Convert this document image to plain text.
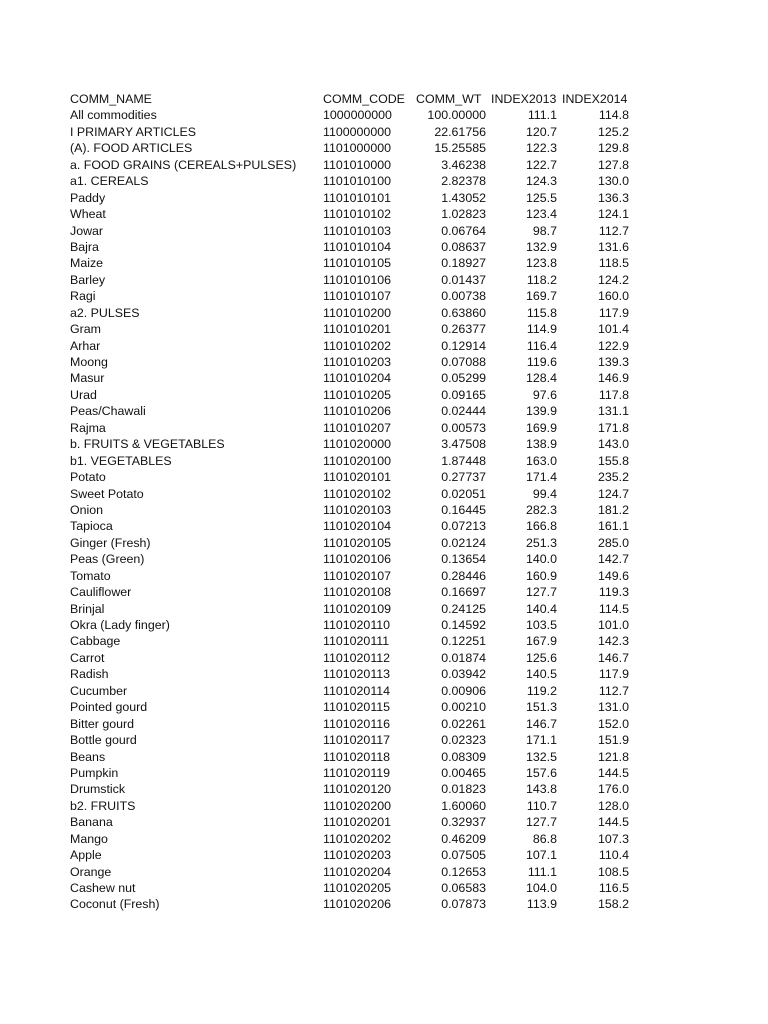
COMM_NAME	COMM_CODE COMM_WT INDEX2013 INDEX2014
All commodities	1000000000	100.00000	111.1	114.8
I PRIMARY ARTICLES	1100000000	22.61756	120.7	125.2
(A). FOOD ARTICLES	1101000000	15.25585	122.3	129.8
a. FOOD GRAINS (CEREALS+PULSES)	1101010000	3.46238	122.7	127.8
a1. CEREALS	1101010100	2.82378	124.3	130.0
Paddy	1101010101	1.43052	125.5	136.3
Wheat	1101010102	1.02823	123.4	124.1
Jowar	1101010103	0.06764	98.7	112.7
Bajra	1101010104	0.08637	132.9	131.6
Maize	1101010105	0.18927	123.8	118.5
Barley	1101010106	0.01437	118.2	124.2
Ragi	1101010107	0.00738	169.7	160.0
a2. PULSES	1101010200	0.63860	115.8	117.9
Gram	1101010201	0.26377	114.9	101.4
Arhar	1101010202	0.12914	116.4	122.9
Moong	1101010203	0.07088	119.6	139.3
Masur	1101010204	0.05299	128.4	146.9
Urad	1101010205	0.09165	97.6	117.8
Peas/Chawali	1101010206	0.02444	139.9	131.1
Rajma	1101010207	0.00573	169.9	171.8
b. FRUITS & VEGETABLES	1101020000	3.47508	138.9	143.0
b1. VEGETABLES	1101020100	1.87448	163.0	155.8
Potato	1101020101	0.27737	171.4	235.2
Sweet Potato	1101020102	0.02051	99.4	124.7
Onion	1101020103	0.16445	282.3	181.2
Tapioca	1101020104	0.07213	166.8	161.1
Ginger (Fresh)	1101020105	0.02124	251.3	285.0
Peas (Green)	1101020106	0.13654	140.0	142.7
Tomato	1101020107	0.28446	160.9	149.6
Cauliflower	1101020108	0.16697	127.7	119.3
Brinjal	1101020109	0.24125	140.4	114.5
Okra (Lady finger)	1101020110	0.14592	103.5	101.0
Cabbage	1101020111	0.12251	167.9	142.3
Carrot	1101020112	0.01874	125.6	146.7
Radish	1101020113	0.03942	140.5	117.9
Cucumber	1101020114	0.00906	119.2	112.7
Pointed gourd	1101020115	0.00210	151.3	131.0
Bitter gourd	1101020116	0.02261	146.7	152.0
Bottle gourd	1101020117	0.02323	171.1	151.9
Beans	1101020118	0.08309	132.5	121.8
Pumpkin	1101020119	0.00465	157.6	144.5
Drumstick	1101020120	0.01823	143.8	176.0
b2. FRUITS	1101020200	1.60060	110.7	128.0
Banana	1101020201	0.32937	127.7	144.5
Mango	1101020202	0.46209	86.8	107.3
Apple	1101020203	0.07505	107.1	110.4
Orange	1101020204	0.12653	111.1	108.5
Cashew nut	1101020205	0.06583	104.0	116.5
Coconut (Fresh)	1101020206	0.07873	113.9	158.2
